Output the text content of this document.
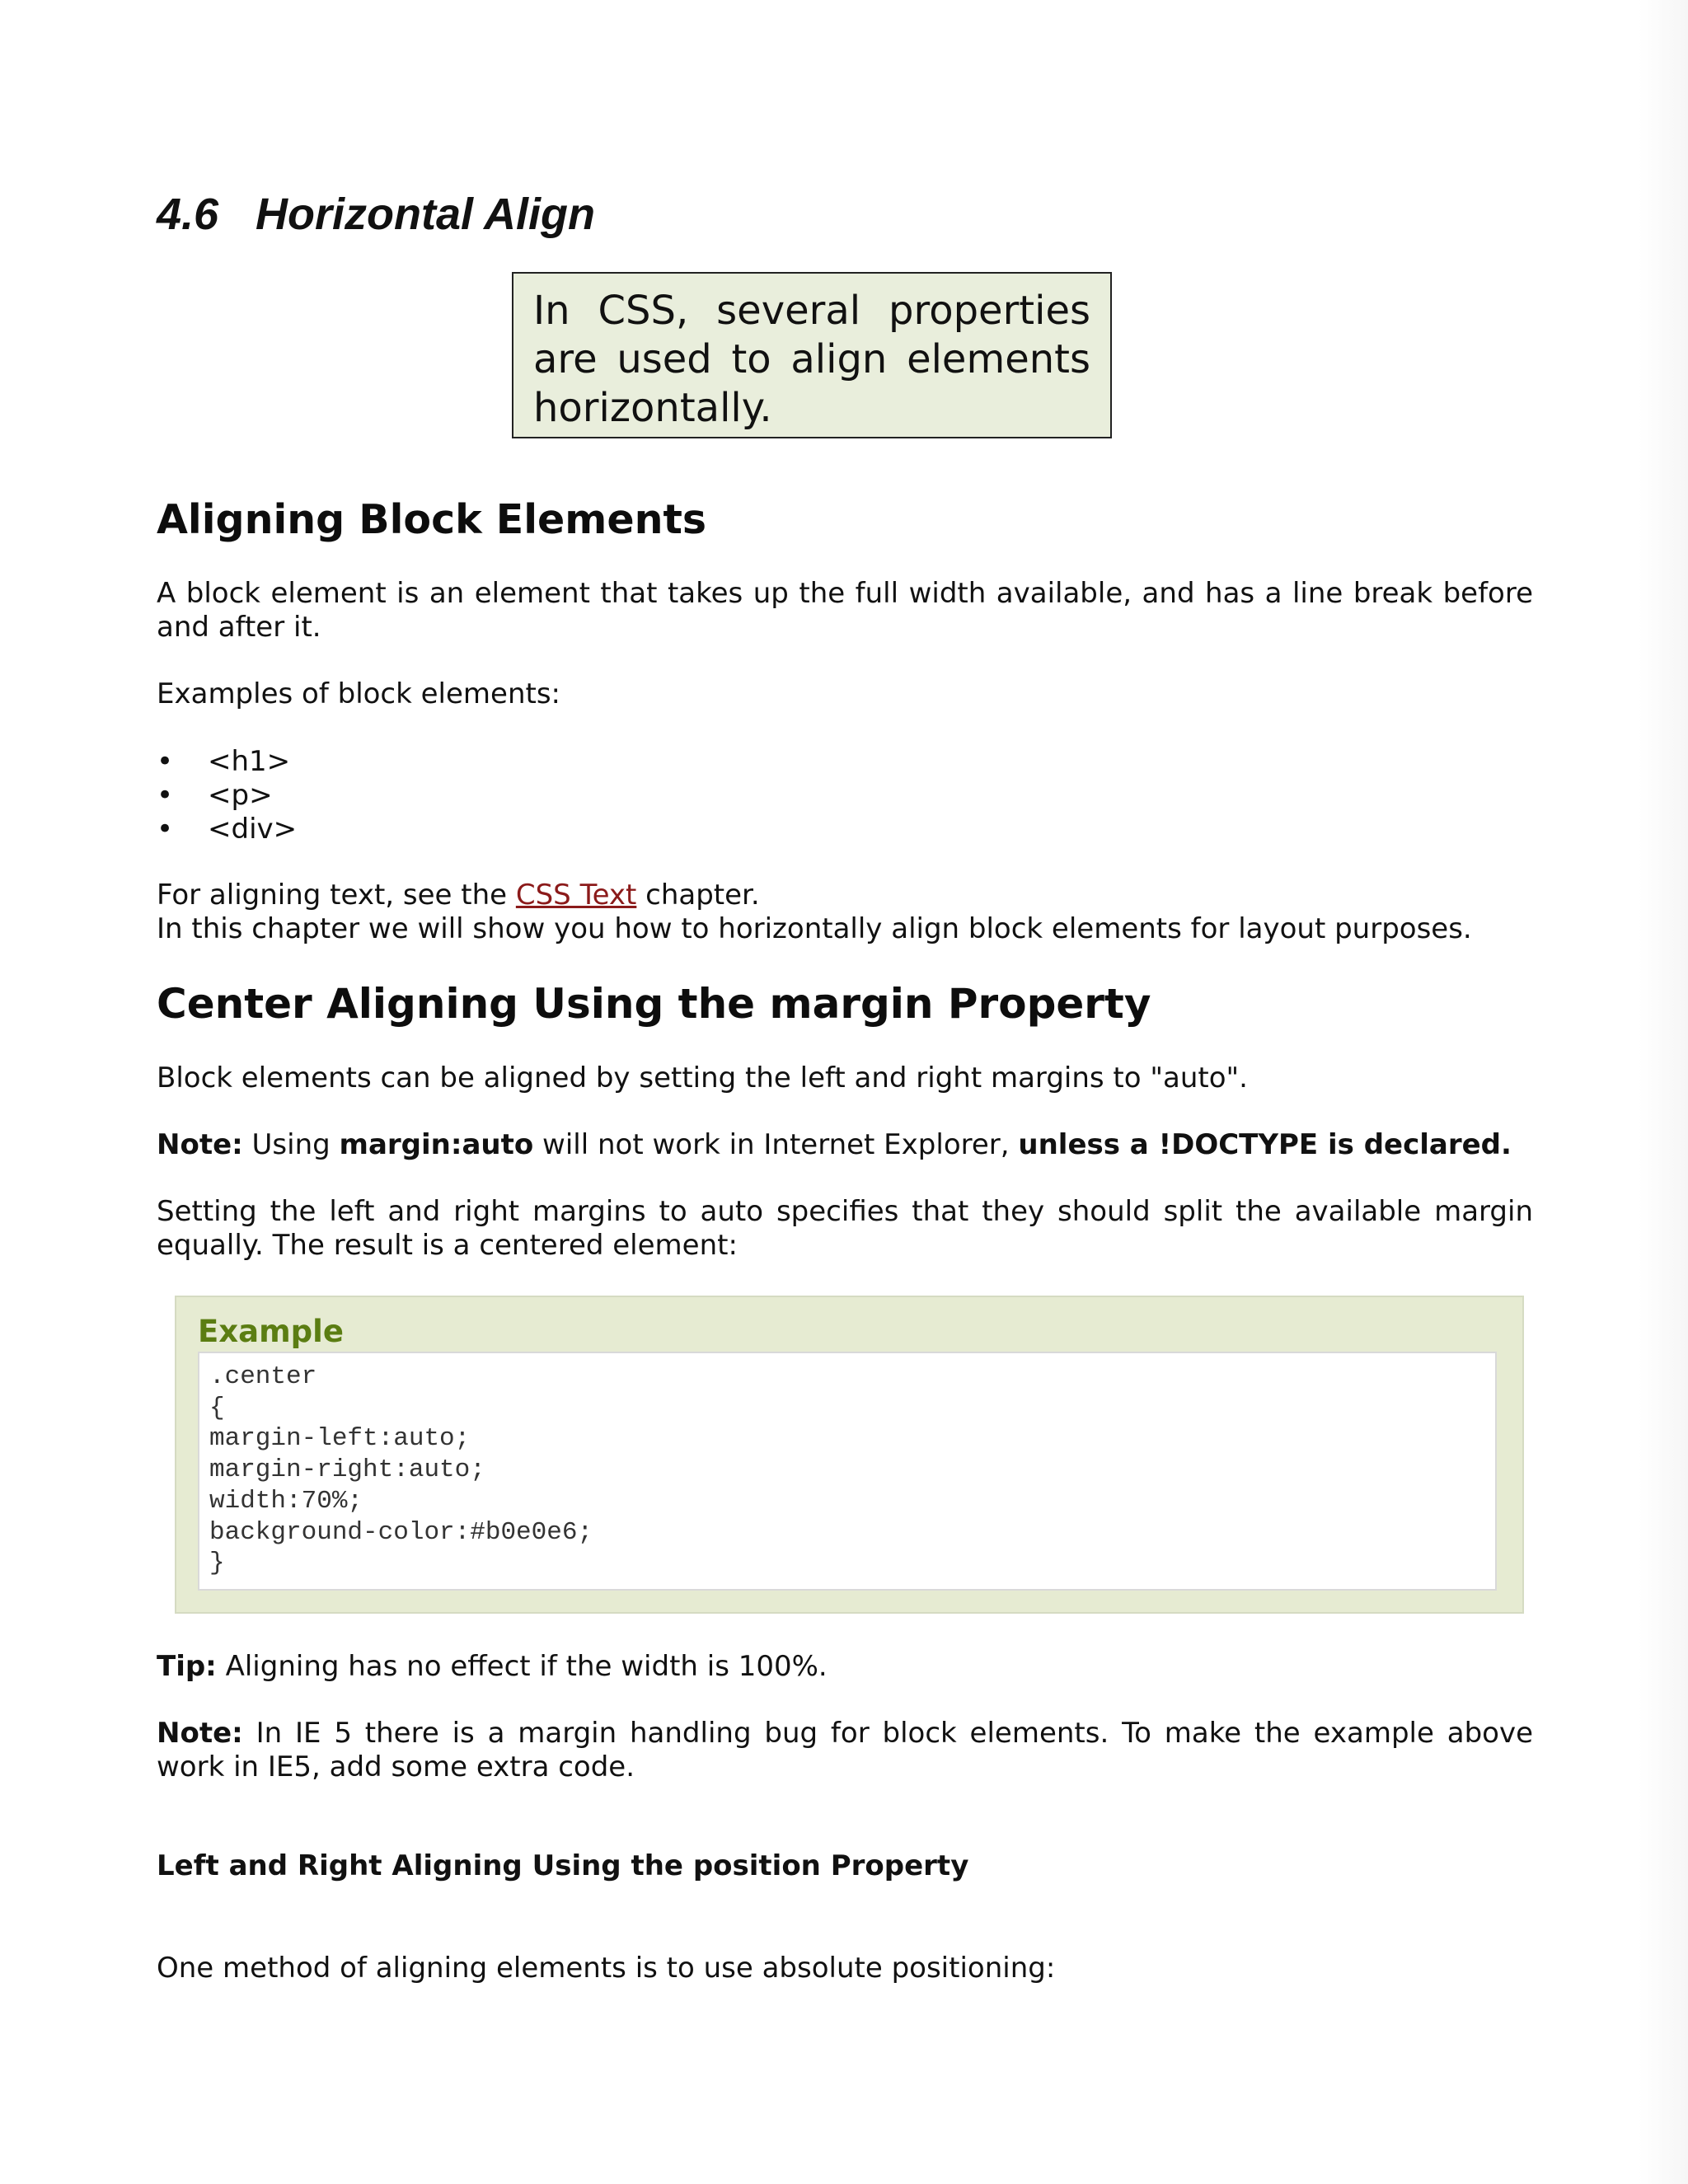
4.6 Horizontal Align
In CSS, several properties are used to align elements horizontally.
Aligning Block Elements

A block element is an element that takes up the full width available, and has a line break before and after it.

Examples of block elements:

• <h1>
• <p>
• <div>

For aligning text, see the CSS Text chapter.

In this chapter we will show you how to horizontally align block elements for layout purposes.

Center Aligning Using the margin Property

Block elements can be aligned by setting the left and right margins to "auto".

Note: Using margin:auto will not work in Internet Explorer, unless a !DOCTYPE is declared.

Setting the left and right margins to auto specifies that they should split the available margin equally. The result is a centered element:

Example
.center
{
margin-left:auto;
margin-right:auto;
width:70%;
background-color:#b0e0e6;
}

Tip: Aligning has no effect if the width is 100%.

Note: In IE 5 there is a margin handling bug for block elements. To make the example above work in IE5, add some extra code.

Left and Right Aligning Using the position Property

One method of aligning elements is to use absolute positioning:
